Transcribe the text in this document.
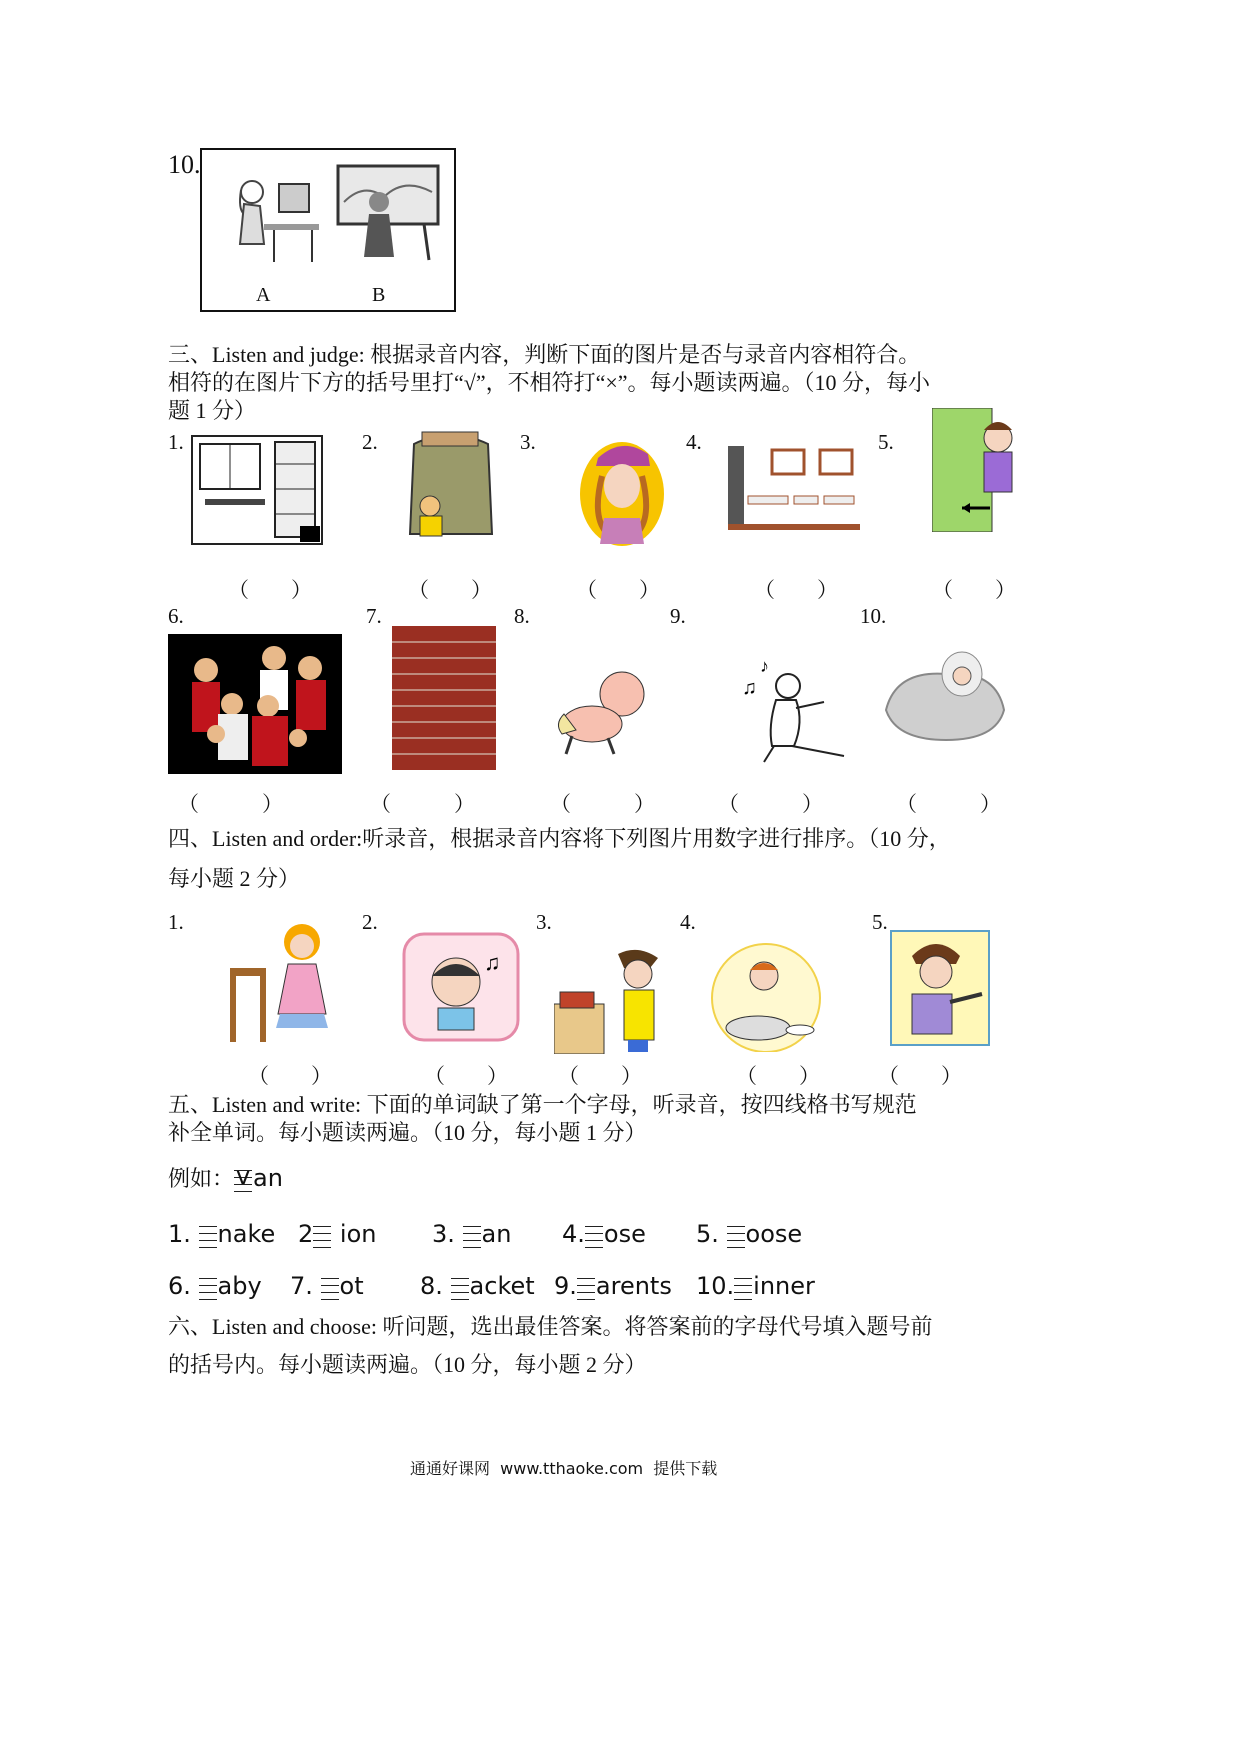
10.
A	B
三、Listen and judge: 根据录音内容，判断下面的图片是否与录音内容相符合。
相符的在图片下方的括号里打“√”，不相符打“×”。每小题读两遍。（10 分，每小
题 1 分）
1.	2.	3.	4.	5.
（　　）	（　　）	（　　）	（　　）	（　　）
6.	7.	8.	9.	10.
♫
♪
（　　　）	（　　　）	（　　　）	（　　　）	（　　　）
四、Listen and order:听录音，根据录音内容将下列图片用数字进行排序。（10 分，
每小题 2 分）
1.	2.	3.	4.	5.
♫
（　　）	（　　） （　　）	（　　）	（　　）
五、Listen and write: 下面的单词缺了第一个字母，听录音，按四线格书写规范
补全单词。每小题读两遍。（10 分，每小题 1 分）
例如： v an
1. nake 2
ion 3. an 4. ose 5. oose
6. aby 7. ot 8. acket 9. arents 10. inner
六、Listen and choose: 听问题，选出最佳答案。将答案前的字母代号填入题号前
的括号内。每小题读两遍。（10 分，每小题 2 分）
通通好课网  www.tthaoke.com  提供下载
